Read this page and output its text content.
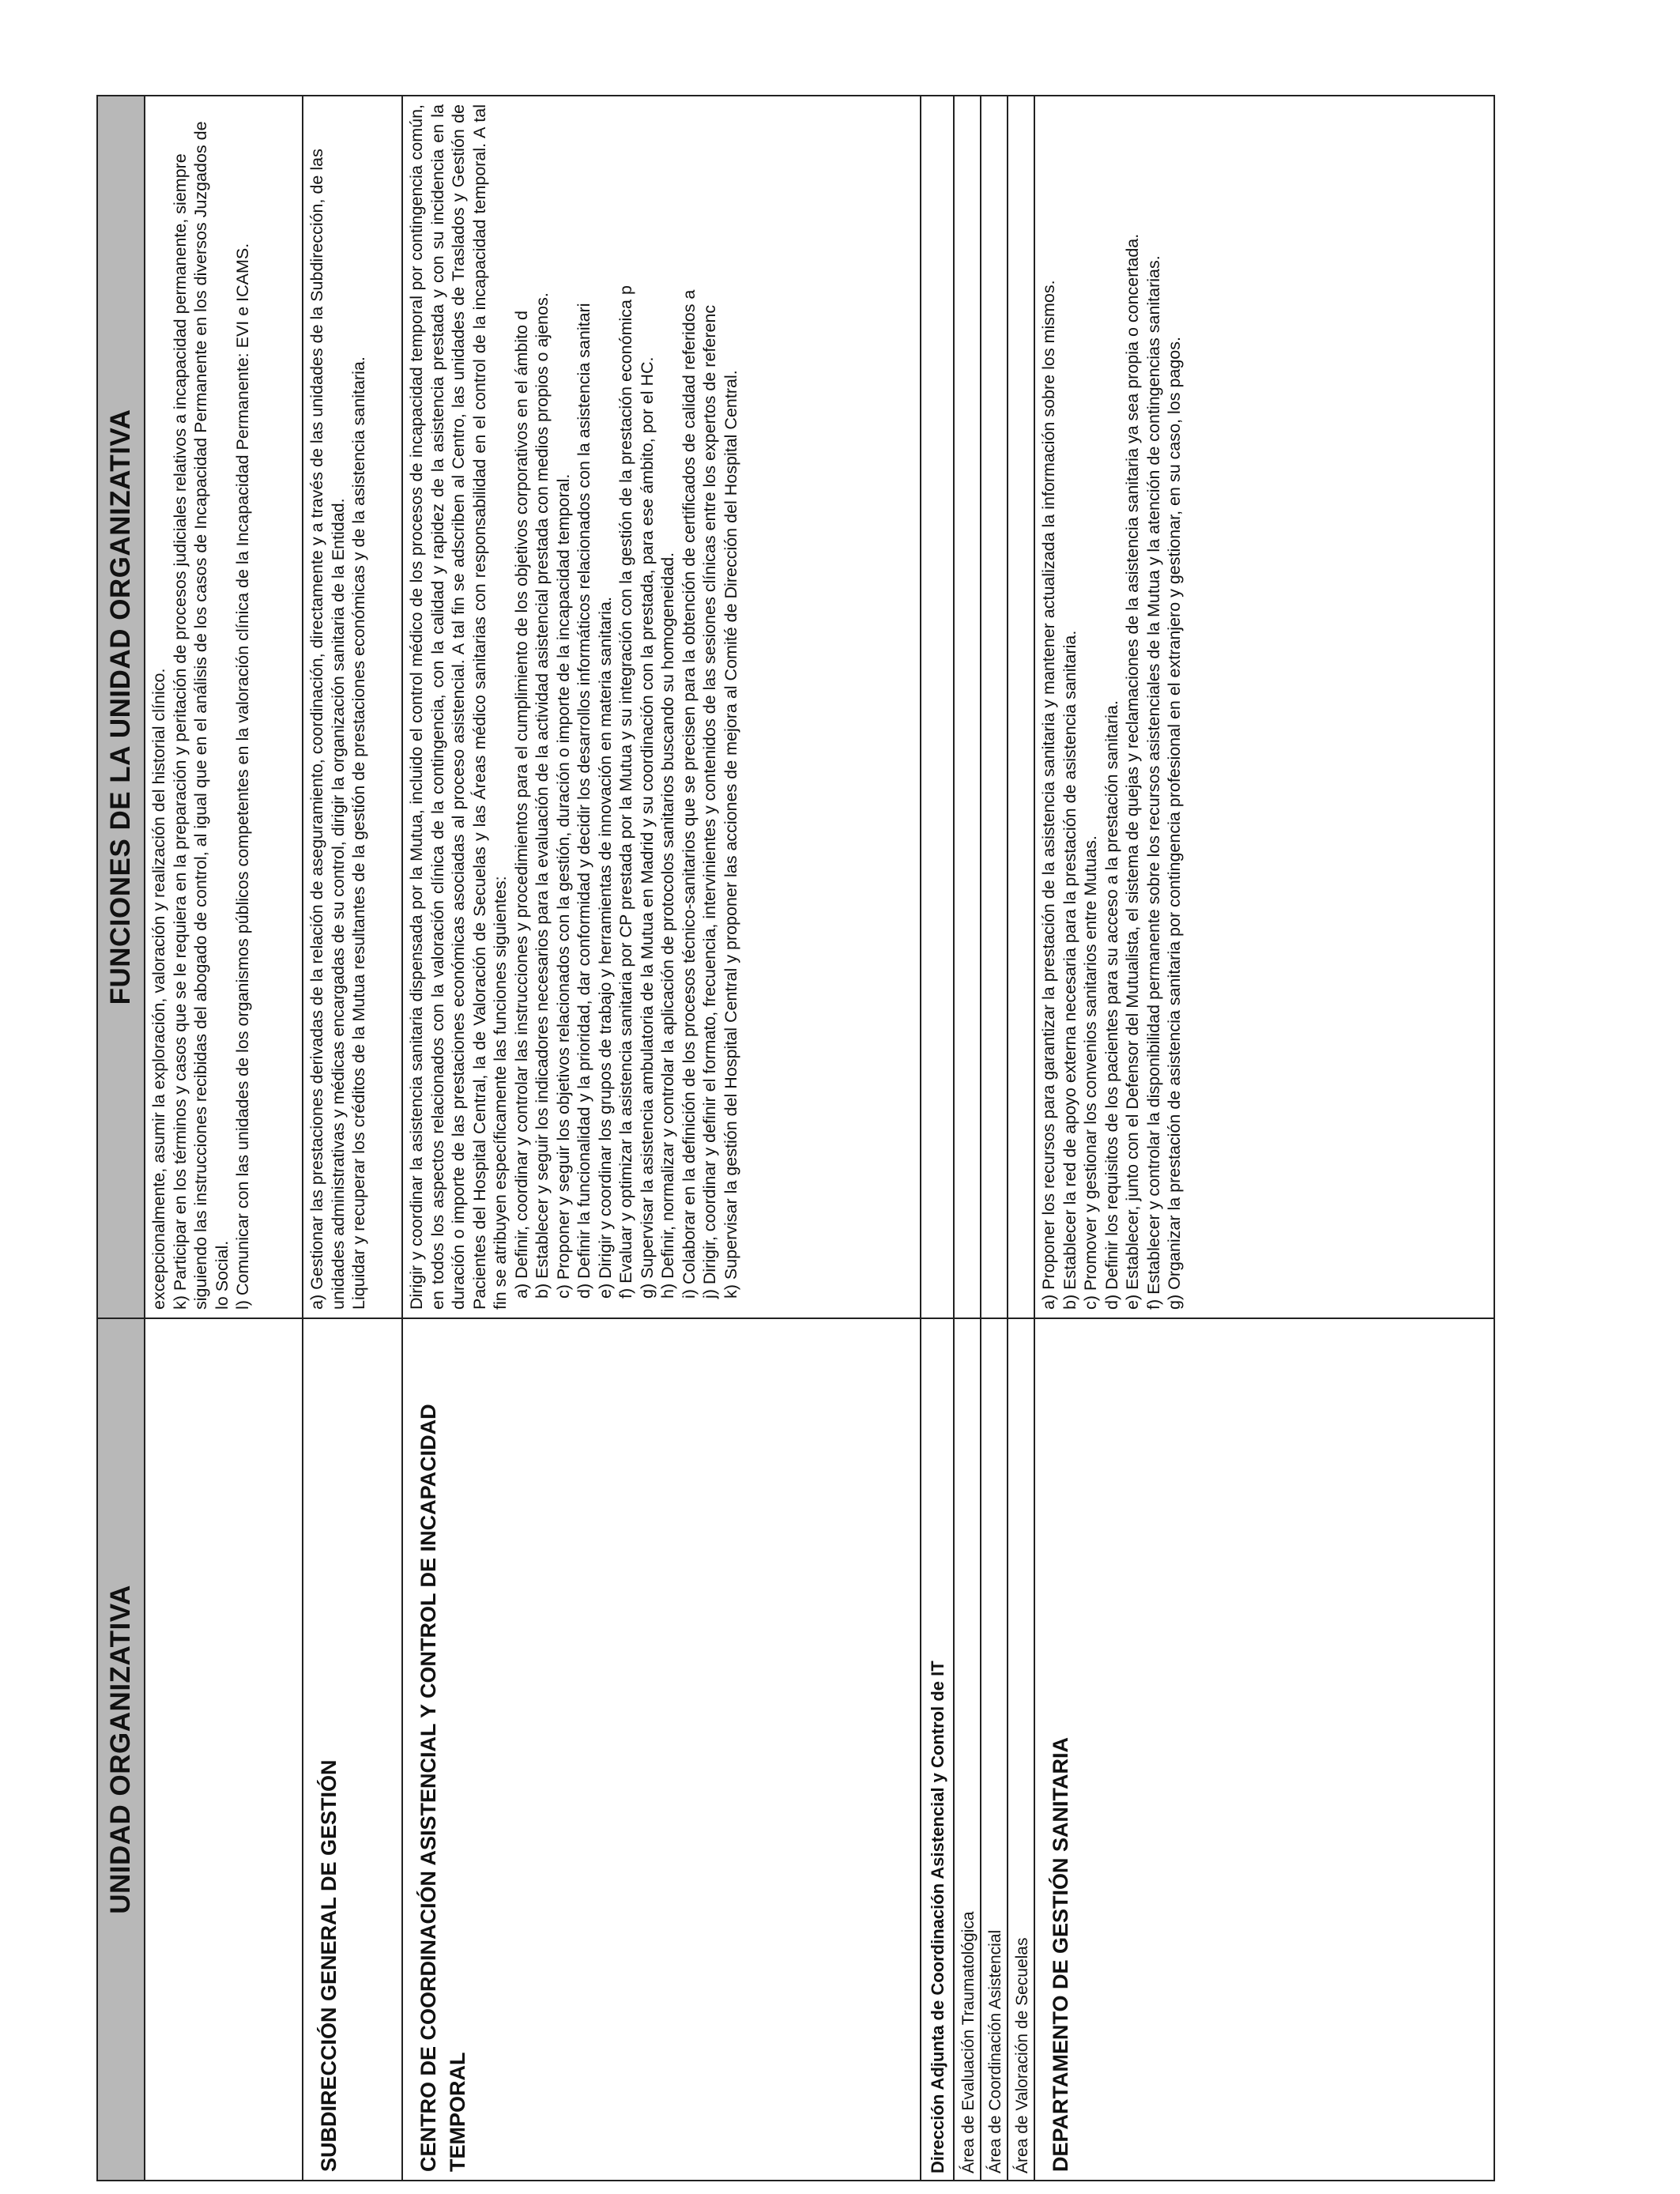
UNIDAD ORGANIZATIVA
FUNCIONES DE LA UNIDAD ORGANIZATIVA excepcionalmente, asumir la exploración, valoración y realización del historial clínico. k) Participar en los términos y casos que se le requiera en la preparación y peritación de procesos judiciales relativos a incapacidad permanente, siempre siguiendo las instrucciones recibidas del abogado de control, al igual que en el análisis de los casos de Incapacidad Permanente en los diversos Juzgados de lo Social. l) Comunicar con las unidades de los organismos públicos competentes en la valoración clínica de la Incapacidad Permanente: EVI e ICAMS.

SUBDIRECCIÓN GENERAL DE GESTIÓN

a) Gestionar las prestaciones derivadas de la relación de aseguramiento, coordinación, directamente y a través de las unidades de la Subdirección, de las unidades administrativas y médicas encargadas de su control, dirigir la organización sanitaria de la Entidad. Liquidar y recuperar los créditos de la Mutua resultantes de la gestión de prestaciones económicas y de la asistencia sanitaria.

CENTRO DE COORDINACIÓN ASISTENCIAL Y CONTROL DE INCAPACIDAD TEMPORAL

Dirigir y coordinar la asistencia sanitaria dispensada por la Mutua, incluido el control médico de los procesos de incapacidad temporal por contingencia común, en todos los aspectos relacionados con la valoración clínica de la contingencia, con la calidad y rapidez de la asistencia prestada y con su incidencia en la duración o importe de las prestaciones económicas asociadas al proceso asistencial. A tal fin se adscriben al Centro, las unidades de Traslados y Gestión de Pacientes del Hospital Central, la de Valoración de Secuelas y las Áreas médico sanitarias con responsabilidad en el control de la incapacidad temporal. A tal fin se atribuyen específicamente las funciones siguientes: a) Definir, coordinar y controlar las instrucciones y procedimientos para el cumplimiento de los objetivos corporativos en el ámbito d b) Establecer y seguir los indicadores necesarios para la evaluación de la actividad asistencial prestada con medios propios o ajenos. c) Proponer y seguir los objetivos relacionados con la gestión, duración o importe de la incapacidad temporal. d) Definir la funcionalidad y la prioridad, dar conformidad y decidir los desarrollos informáticos relacionados con la asistencia sanitari e) Dirigir y coordinar los grupos de trabajo y herramientas de innovación en materia sanitaria. f) Evaluar y optimizar la asistencia sanitaria por CP prestada por la Mutua y su integración con la gestión de la prestación económica p g) Supervisar la asistencia ambulatoria de la Mutua en Madrid y su coordinación con la prestada, para ese ámbito, por el HC. h) Definir, normalizar y controlar la aplicación de protocolos sanitarios buscando su homogeneidad. i) Colaborar en la definición de los procesos técnico-sanitarios que se precisen para la obtención de certificados de calidad referidos a j) Dirigir, coordinar y definir el formato, frecuencia, intervinientes y contenidos de las sesiones clínicas entre los expertos de referenc k) Supervisar la gestión del Hospital Central y proponer las acciones de mejora al Comité de Dirección del Hospital Central.

Dirección Adjunta de Coordinación Asistencial y Control de IT Área de Evaluación Traumatológica Área de Coordinación Asistencial Área de Valoración de Secuelas DEPARTAMENTO DE GESTIÓN SANITARIA

a) Proponer los recursos para garantizar la prestación de la asistencia sanitaria y mantener actualizada la información sobre los mismos. b) Establecer la red de apoyo externa necesaria para la prestación de asistencia sanitaria. c) Promover y gestionar los convenios sanitarios entre Mutuas. d) Definir los requisitos de los pacientes para su acceso a la prestación sanitaria. e) Establecer, junto con el Defensor del Mutualista, el sistema de quejas y reclamaciones de la asistencia sanitaria ya sea propia o concertada. f) Establecer y controlar la disponibilidad permanente sobre los recursos asistenciales de la Mutua y la atención de contingencias sanitarias. g) Organizar la prestación de asistencia sanitaria por contingencia profesional en el extranjero y gestionar, en su caso, los pagos.
